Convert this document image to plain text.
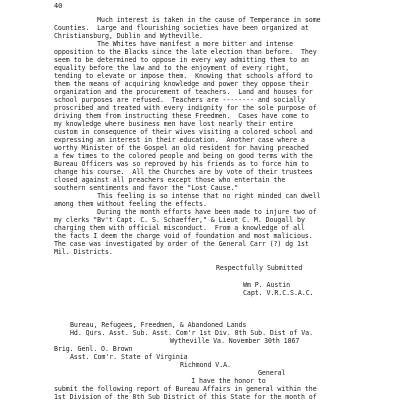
40
Much interest is taken in the cause of Temperance in some
Counties.  Large and flourishing societies have been organized at
Christiansburg, Dublin and Wytheville.
The Whites have manifest a more bitter and intense
opposition to the Blacks since the late election than before.  They
seem to be determined to oppose in every way admitting them to an
equality before the law and to the enjoyment of every right,
tending to elevate or impose them.  Knowing that schools afford to
them the means of acquiring knowledge and power they oppose their
organization and the procurement of teachers.  Land and houses for
school purposes are refused.  Teachers are -------- and socially
proscribed and treated with every indignity for the sole purpose of
driving them from instructing these Freedmen.  Cases have come to
my knowledge where business men have lost nearly their entire
custom in consequence of their wives visiting a colored school and
expressing an interest in their education.  Another case where a
worthy Minister of the Gospel an old resident for having preached
a few times to the colored people and being on good terms with the
Bureau Officers was so reproved by his friends as to force him to
change his course.  All the Churches are by vote of their trustees
closed against all preachers except those who entertain the
southern sentiments and favor the "Lost Cause."
This feeling is so intense that no right minded can dwell
among them without feeling the effects.
During the month efforts have been made to injure two of
my clerks "Bv't Capt. C. S. Schaeffer," & Lieut C. M. Dougall by
charging them with official misconduct.  From a knowledge of all
the facts I deem the charge void of foundation and most malicious.
The case was investigated by order of the General Carr (?) dg 1st
Mil. Districts.
Respectfully Submitted
Wm P. Austin
Capt. V.R.C.S.A.C.
Bureau, Refugees, Freedmen, & Abandoned Lands
Hd. Qurs. Asst. Sub. Asst. Com'r 1st Div. 8th Sub. Dist of Va.
Wytheville Va. November 30th 1867
Brig. Genl. O. Brown
Asst. Com'r. State of Virginia
Richmond V.A.
General
I have the honor to
submit the following report of Bureau Affairs in general within the
1st Division of the 8th Sub District of this State for the month of
